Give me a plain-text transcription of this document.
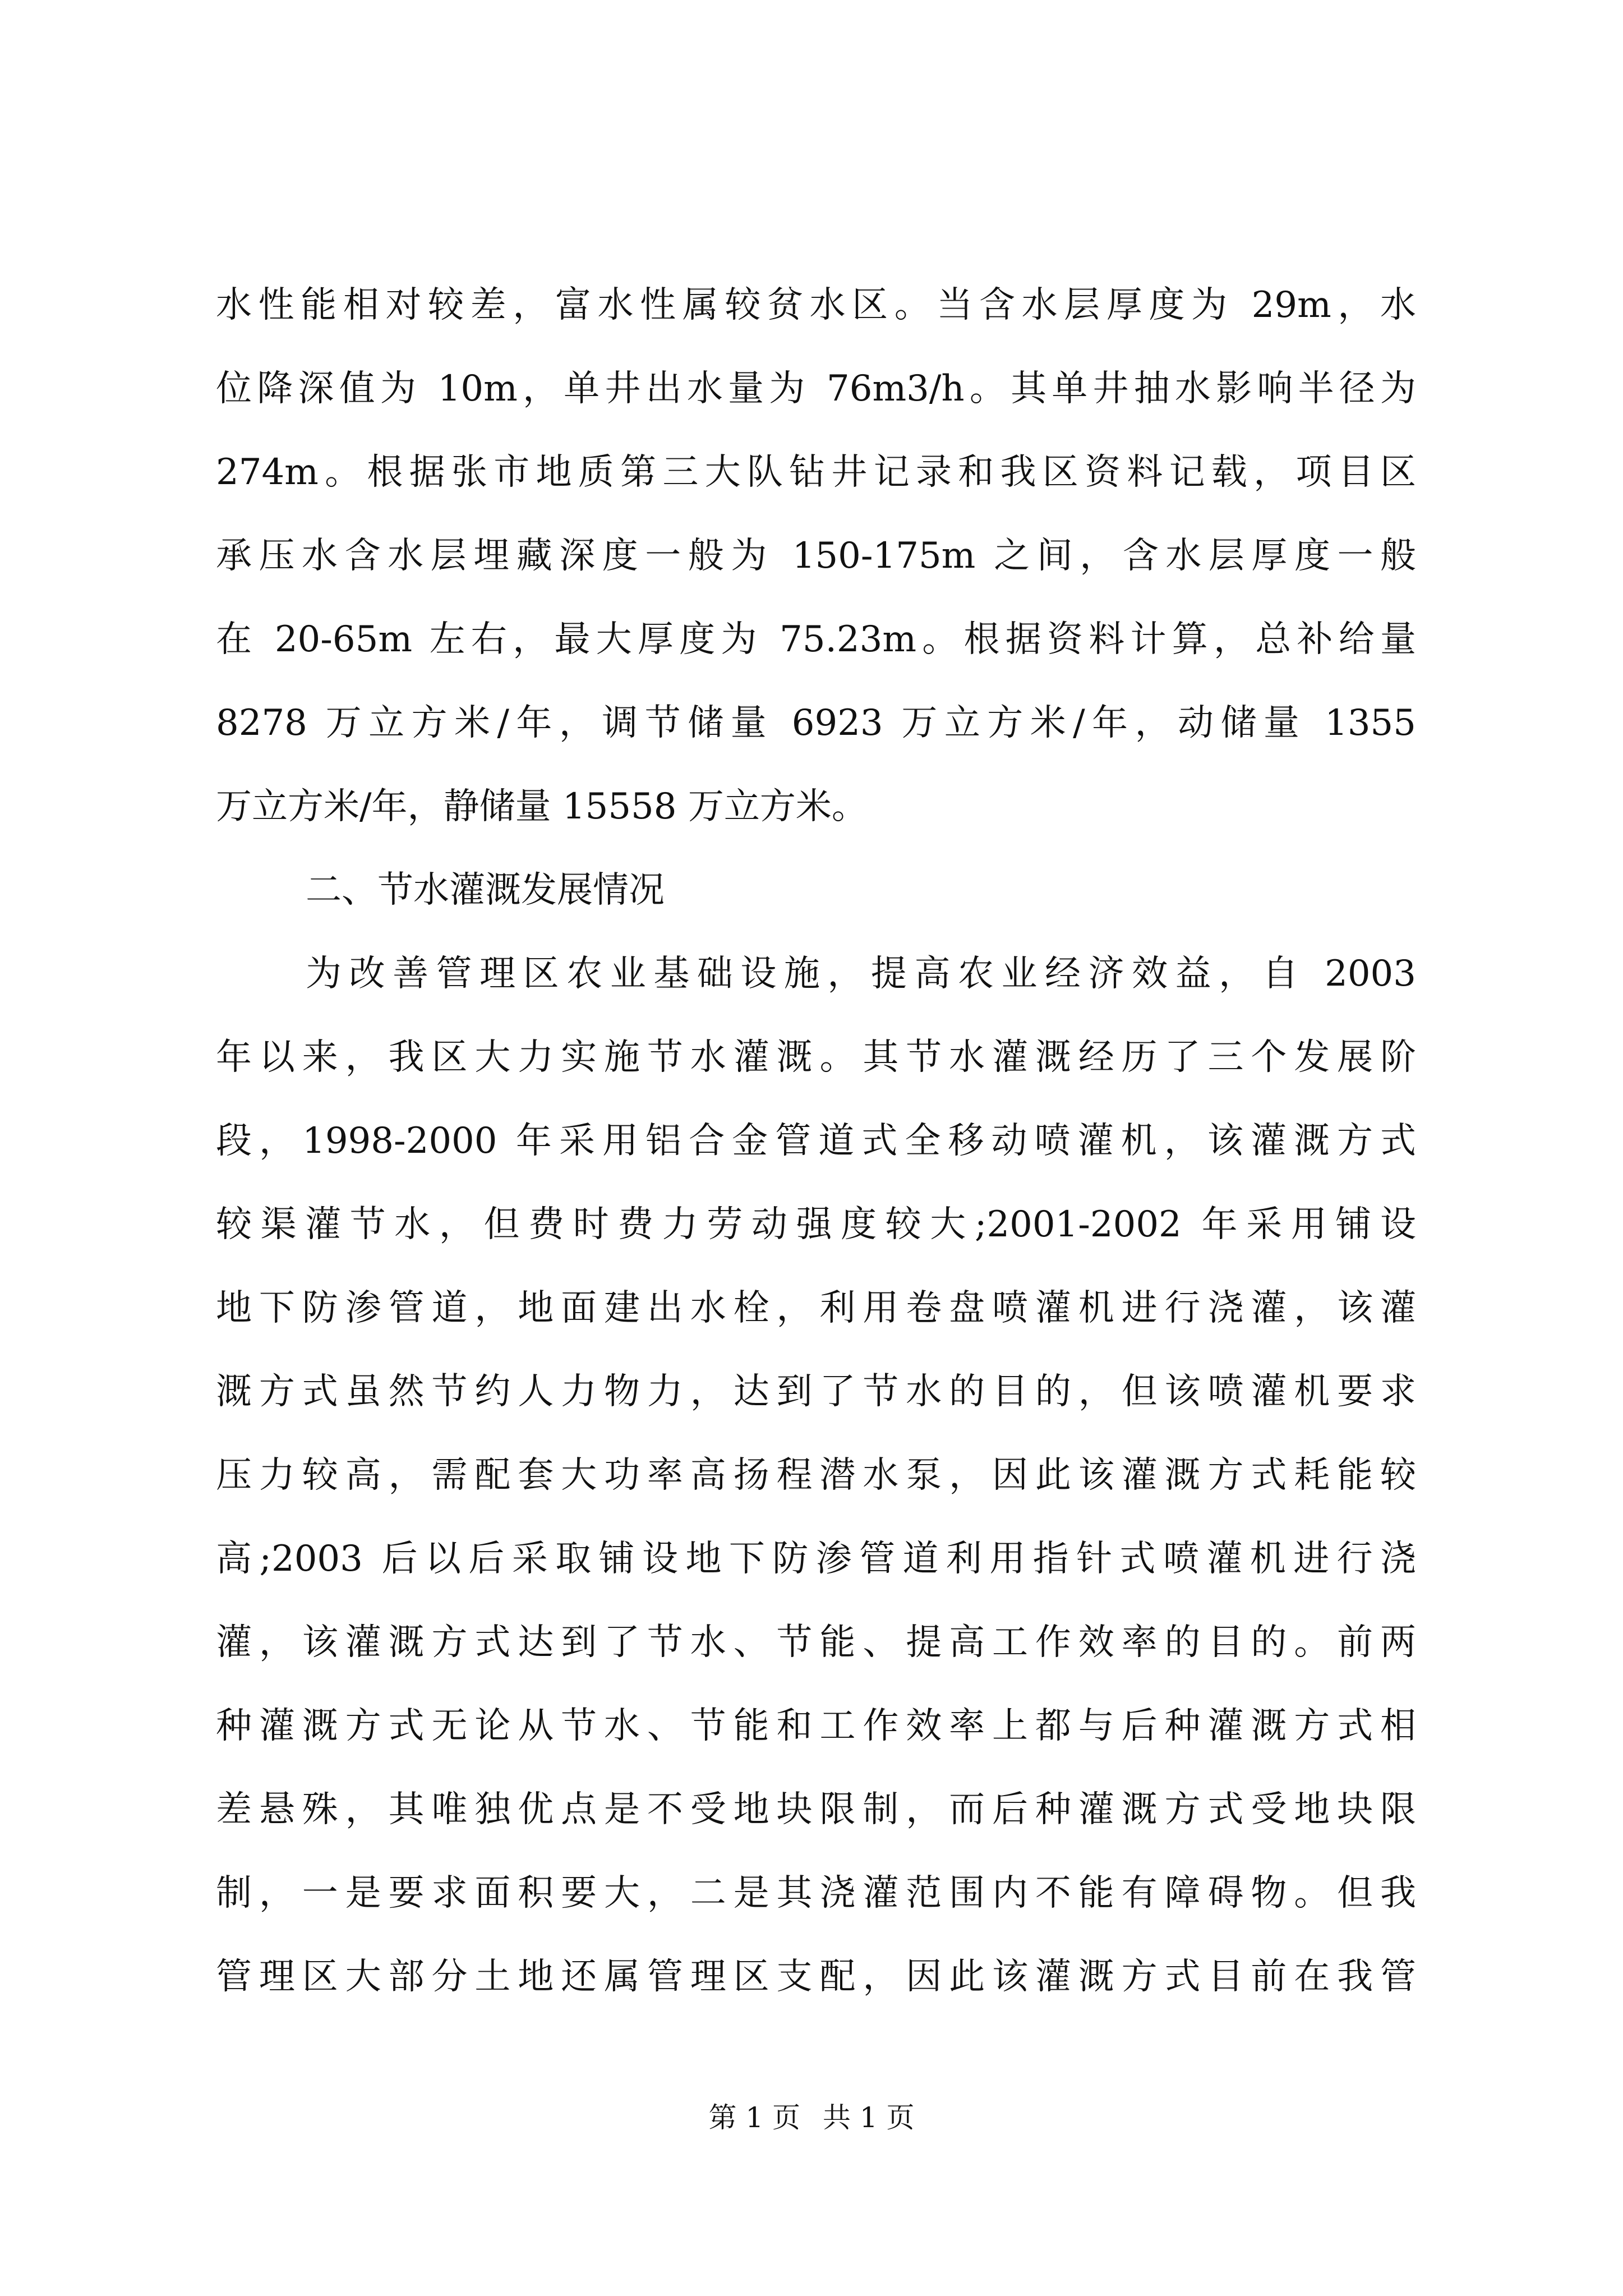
水性能相对较差，富水性属较贫水区。当含水层厚度为 29m，水
位降深值为 10m，单井出水量为 76m3/h。其单井抽水影响半径为
274m。根据张市地质第三大队钻井记录和我区资料记载，项目区
承压水含水层埋藏深度一般为 150-175m 之间，含水层厚度一般
在 20-65m 左右，最大厚度为 75.23m。根据资料计算，总补给量
8278 万立方米/年，调节储量 6923 万立方米/年，动储量 1355
万立方米/年，静储量 15558 万立方米。
二、节水灌溉发展情况
为改善管理区农业基础设施，提高农业经济效益，自 2003
年以来，我区大力实施节水灌溉。其节水灌溉经历了三个发展阶
段，1998-2000 年采用铝合金管道式全移动喷灌机，该灌溉方式
较渠灌节水，但费时费力劳动强度较大;2001-2002 年采用铺设
地下防渗管道，地面建出水栓，利用卷盘喷灌机进行浇灌，该灌
溉方式虽然节约人力物力，达到了节水的目的，但该喷灌机要求
压力较高，需配套大功率高扬程潜水泵，因此该灌溉方式耗能较
高;2003 后以后采取铺设地下防渗管道利用指针式喷灌机进行浇
灌，该灌溉方式达到了节水、节能、提高工作效率的目的。前两
种灌溉方式无论从节水、节能和工作效率上都与后种灌溉方式相
差悬殊，其唯独优点是不受地块限制，而后种灌溉方式受地块限
制，一是要求面积要大，二是其浇灌范围内不能有障碍物。但我
管理区大部分土地还属管理区支配，因此该灌溉方式目前在我管
第 1 页 共 1 页
